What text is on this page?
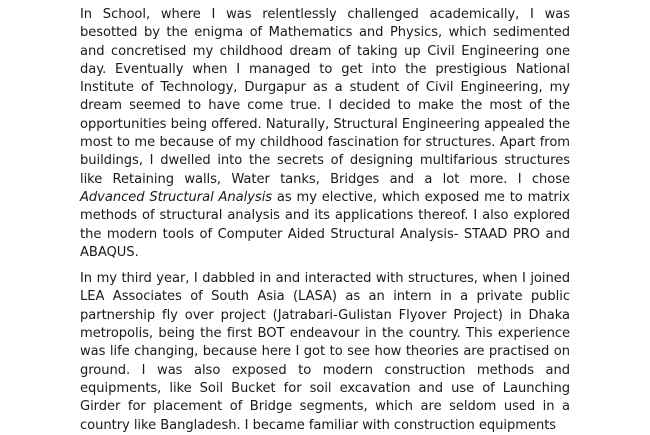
In School, where I was relentlessly challenged academically, I was besotted by the enigma of Mathematics and Physics, which sedimented and concretised my childhood dream of taking up Civil Engineering one day. Eventually when I managed to get into the prestigious National Institute of Technology, Durgapur as a student of Civil Engineering, my dream seemed to have come true. I decided to make the most of the opportunities being offered. Naturally, Structural Engineering appealed the most to me because of my childhood fascination for structures. Apart from buildings, I dwelled into the secrets of designing multifarious structures like Retaining walls, Water tanks, Bridges and a lot more. I chose Advanced Structural Analysis as my elective, which exposed me to matrix methods of structural analysis and its applications thereof. I also explored the modern tools of Computer Aided Structural Analysis- STAAD PRO and ABAQUS.

In my third year, I dabbled in and interacted with structures, when I joined LEA Associates of South Asia (LASA) as an intern in a private public partnership fly over project (Jatrabari-Gulistan Flyover Project) in Dhaka metropolis, being the first BOT endeavour in the country. This experience was life changing, because here I got to see how theories are practised on ground. I was also exposed to modern construction methods and equipments, like Soil Bucket for soil excavation and use of Launching Girder for placement of Bridge segments, which are seldom used in a country like Bangladesh. I became familiar with construction equipments
